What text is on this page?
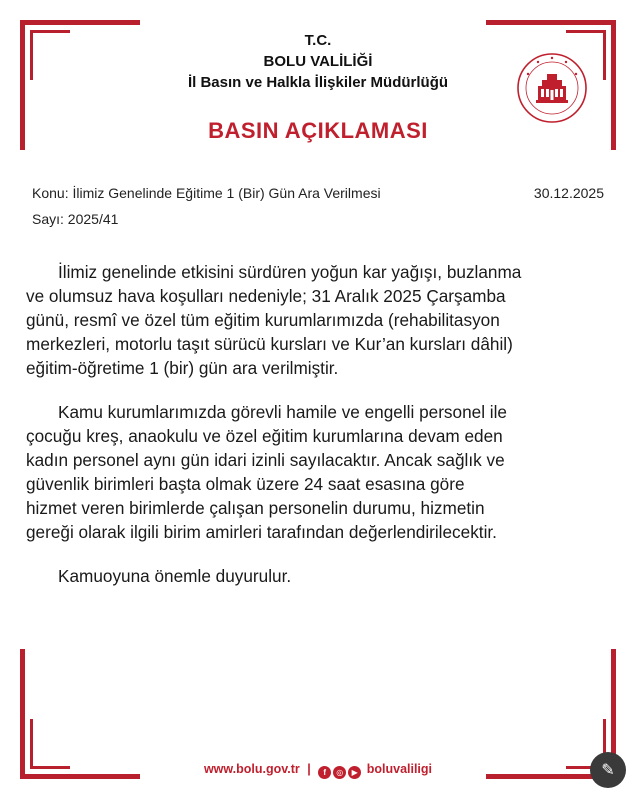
T.C.
BOLU VALİLİĞİ
İl Basın ve Halkla İlişkiler Müdürlüğü
BASIN AÇIKLAMASI
Konu: İlimiz Genelinde Eğitime 1 (Bir) Gün Ara Verilmesi
Sayı: 2025/41
30.12.2025

İlimiz genelinde etkisini sürdüren yoğun kar yağışı, buzlanma
ve olumsuz hava koşulları nedeniyle; 31 Aralık 2025 Çarşamba
günü, resmî ve özel tüm eğitim kurumlarımızda (rehabilitasyon
merkezleri, motorlu taşıt sürücü kursları ve Kur’an kursları dâhil)
eğitim-öğretime 1 (bir) gün ara verilmiştir.

Kamu kurumlarımızda görevli hamile ve engelli personel ile
çocuğu kreş, anaokulu ve özel eğitim kurumlarına devam eden
kadın personel aynı gün idari izinli sayılacaktır. Ancak sağlık ve
güvenlik birimleri başta olmak üzere 24 saat esasına göre
hizmet veren birimlerde çalışan personelin durumu, hizmetin
gereği olarak ilgili birim amirleri tarafından değerlendirilecektir.

Kamuoyuna önemle duyurulur.

www.bolu.gov.tr | f ◎ ▶ boluvaliligi	✎
